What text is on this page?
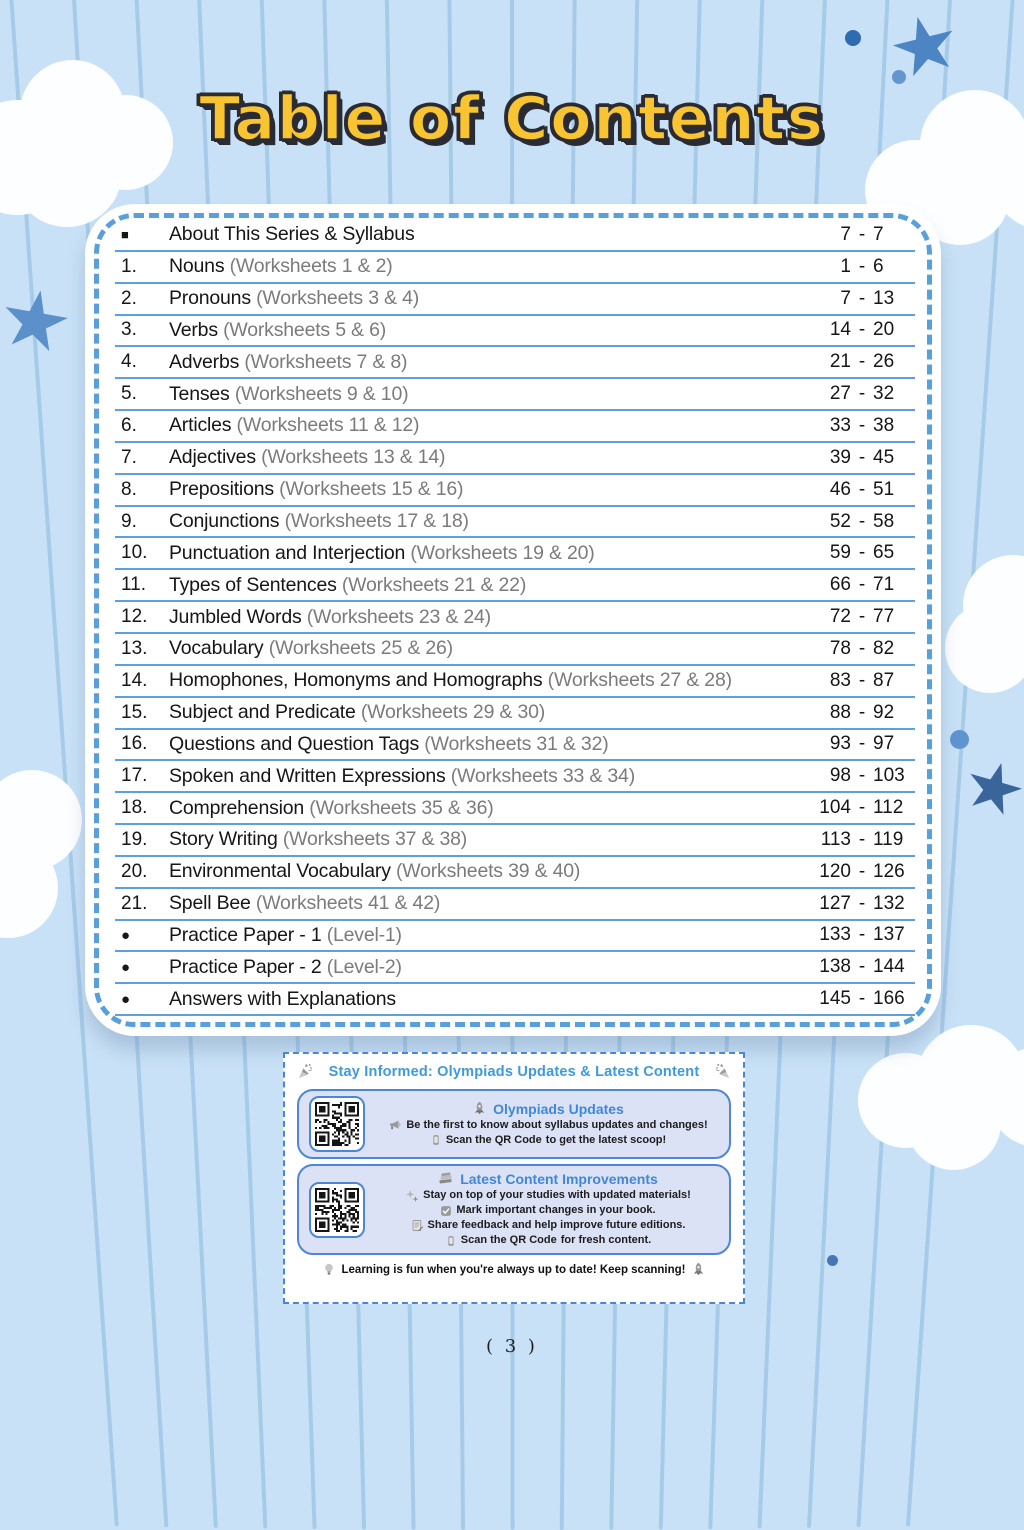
Table of Contents
■	About This Series & Syllabus	7 - 7
1.	Nouns (Worksheets 1 & 2)	1 - 6
2.	Pronouns (Worksheets 3 & 4)	7 - 13
3.	Verbs (Worksheets 5 & 6)	14 - 20
4.	Adverbs (Worksheets 7 & 8)	21 - 26
5.	Tenses (Worksheets 9 & 10)	27 - 32
6.	Articles (Worksheets 11 & 12)	33 - 38
7.	Adjectives (Worksheets 13 & 14)	39 - 45
8.	Prepositions (Worksheets 15 & 16)	46 - 51
9.	Conjunctions (Worksheets 17 & 18)	52 - 58
10.	Punctuation and Interjection (Worksheets 19 & 20)	59 - 65
11.	Types of Sentences (Worksheets 21 & 22)	66 - 71
12.	Jumbled Words (Worksheets 23 & 24)	72 - 77
13.	Vocabulary (Worksheets 25 & 26)	78 - 82
14.	Homophones, Homonyms and Homographs (Worksheets 27 & 28)	83 - 87
15.	Subject and Predicate (Worksheets 29 & 30)	88 - 92
16.	Questions and Question Tags (Worksheets 31 & 32)	93 - 97
17.	Spoken and Written Expressions (Worksheets 33 & 34)	98 - 103
18.	Comprehension (Worksheets 35 & 36)	104 - 112
19.	Story Writing (Worksheets 37 & 38)	113 - 119
20.	Environmental Vocabulary (Worksheets 39 & 40)	120 - 126
21.	Spell Bee (Worksheets 41 & 42)	127 - 132
●	Practice Paper - 1 (Level-1)	133 - 137
●	Practice Paper - 2 (Level-2)	138 - 144
●	Answers with Explanations	145 - 166
Stay Informed: Olympiads Updates & Latest Content
Olympiads Updates
Be the first to know about syllabus updates and changes!
Scan the QR Code to get the latest scoop!
Latest Content Improvements
Stay on top of your studies with updated materials!
Mark important changes in your book.
Share feedback and help improve future editions.
Scan the QR Code for fresh content.
Learning is fun when you're always up to date! Keep scanning!
( 3 )
